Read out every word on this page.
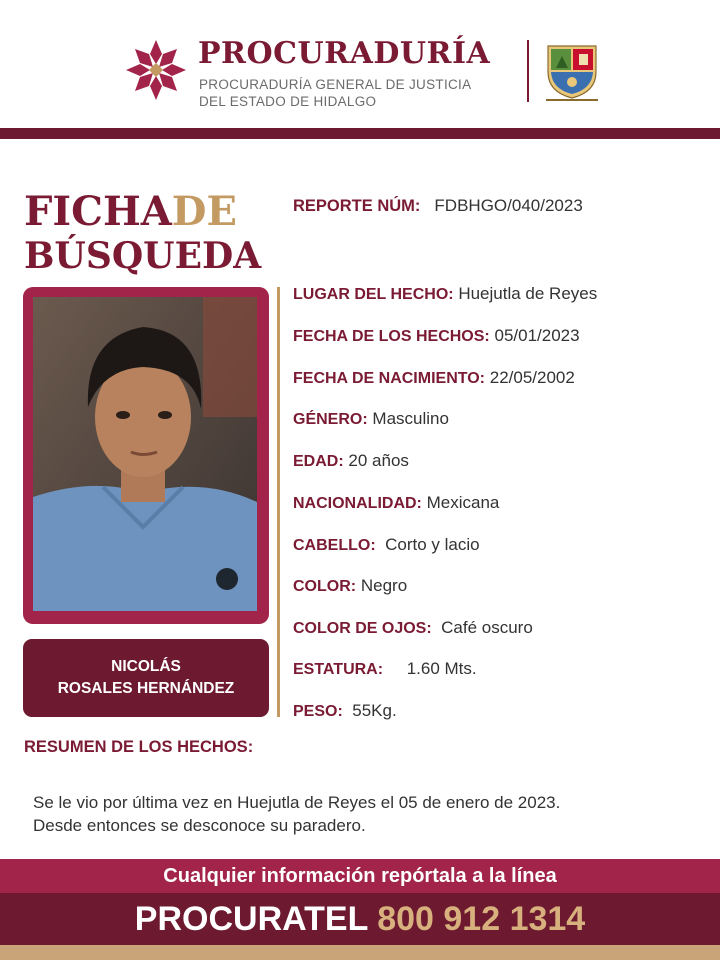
PROCURADURÍA
PROCURADURÍA GENERAL DE JUSTICIA
DEL ESTADO DE HIDALGO
FICHADE
BÚSQUEDA
REPORTE NÚM: FDBHGO/040/2023
NICOLÁS
ROSALES HERNÁNDEZ
LUGAR DEL HECHO: Huejutla de Reyes
FECHA DE LOS HECHOS: 05/01/2023
FECHA DE NACIMIENTO: 22/05/2002
GÉNERO: Masculino
EDAD: 20 años
NACIONALIDAD: Mexicana
CABELLO: Corto y lacio
COLOR: Negro
COLOR DE OJOS: Café oscuro
ESTATURA: 1.60 Mts.
PESO: 55Kg.
RESUMEN DE LOS HECHOS:
Se le vio por última vez en Huejutla de Reyes el 05 de enero de 2023.
Desde entonces se desconoce su paradero.
Cualquier información repórtala a la línea
PROCURATEL 800 912 1314
